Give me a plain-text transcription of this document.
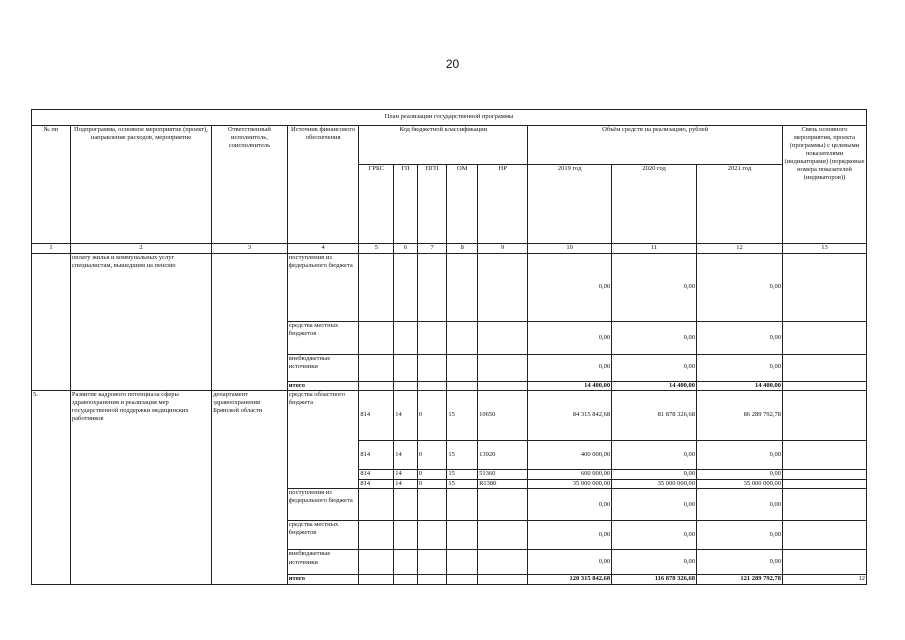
20
План реализации государственной программы												
№ пп	Подпрограмма, основное мероприятие (проект), направление расходов, мероприятие	Ответственный исполнитель, соисполнитель	Источник финансового обеспечения	Код бюджетной классификации					Объём средств на реализацию, рублей			Связь основного мероприятия, проекта (программы) с целевыми показателями (индикаторами) (порядковые номера показателей (индикаторов))
				ГРБС	ГП	ПГП	ОМ	НР	2019 год	2020 год	2021 год	
1	2	3	4	5	6	7	8	9	10	11	12	13
	оплату жилья и коммунальных услуг специалистам, вышедшим на пенсию		поступления из федерального бюджета						0,00	0,00	0,00	
			средства местных бюджетов						0,00	0,00	0,00	
			внебюджетные источники						0,00	0,00	0,00	
			итого						14 400,00	14 400,00	14 400,00	
5.	Развитие кадрового потенциала сферы здравоохранения и реализация мер государственной поддержки медицинских работников	департамент здравоохранения Брянской области	средства областного бюджета	814	14	0	15	10650	84 315 842,68	81 878 326,68	86 289 792,78	
				814	14	0	15	13920	400 000,00	0,00	0,00	
				814	14	0	15	51360	600 000,00	0,00	0,00	
				814	14	0	15	R1380	35 000 000,00	35 000 000,00	35 000 000,00	
			поступления из федерального бюджета						0,00	0,00	0,00	
			средства местных бюджетов						0,00	0,00	0,00	
			внебюджетные источники						0,00	0,00	0,00	
			итого						120 315 842,68	116 878 326,68	121 289 792,78	12
